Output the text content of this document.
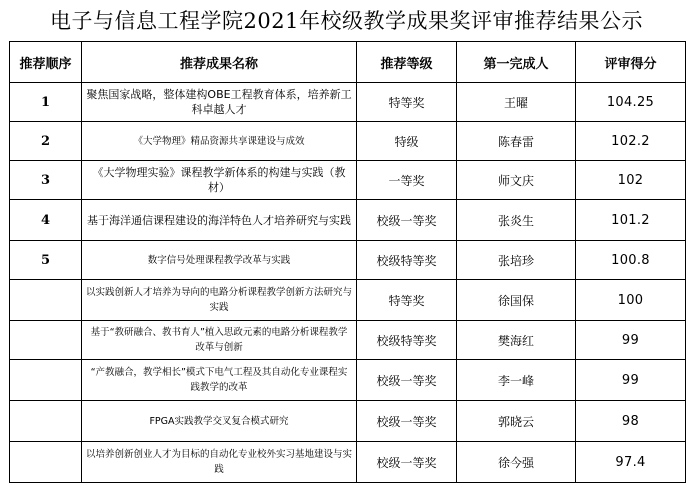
电子与信息工程学院2021年校级教学成果奖评审推荐结果公示
推荐顺序	推荐成果名称	推荐等级	第一完成人	评审得分
1	聚焦国家战略，整体建构OBE工程教育体系，培养新工科卓越人才	特等奖	王曜	104.25
2	《大学物理》精品资源共享课建设与成效	特级	陈春雷	102.2
3	《大学物理实验》课程教学新体系的构建与实践（教材）	一等奖	师文庆	102
4	基于海洋通信课程建设的海洋特色人才培养研究与实践	校级一等奖	张炎生	101.2
5	数字信号处理课程教学改革与实践	校级特等奖	张培珍	100.8
	以实践创新人才培养为导向的电路分析课程教学创新方法研究与实践	特等奖	徐国保	100
	基于“教研融合、教书育人”植入思政元素的电路分析课程教学改革与创新	校级特等奖	樊海红	99
	“产教融合，教学相长”模式下电气工程及其自动化专业课程实践教学的改革	校级一等奖	李一峰	99
	FPGA实践教学交叉复合模式研究	校级一等奖	郭晓云	98
	以培养创新创业人才为目标的自动化专业校外实习基地建设与实践	校级一等奖	徐今强	97.4
